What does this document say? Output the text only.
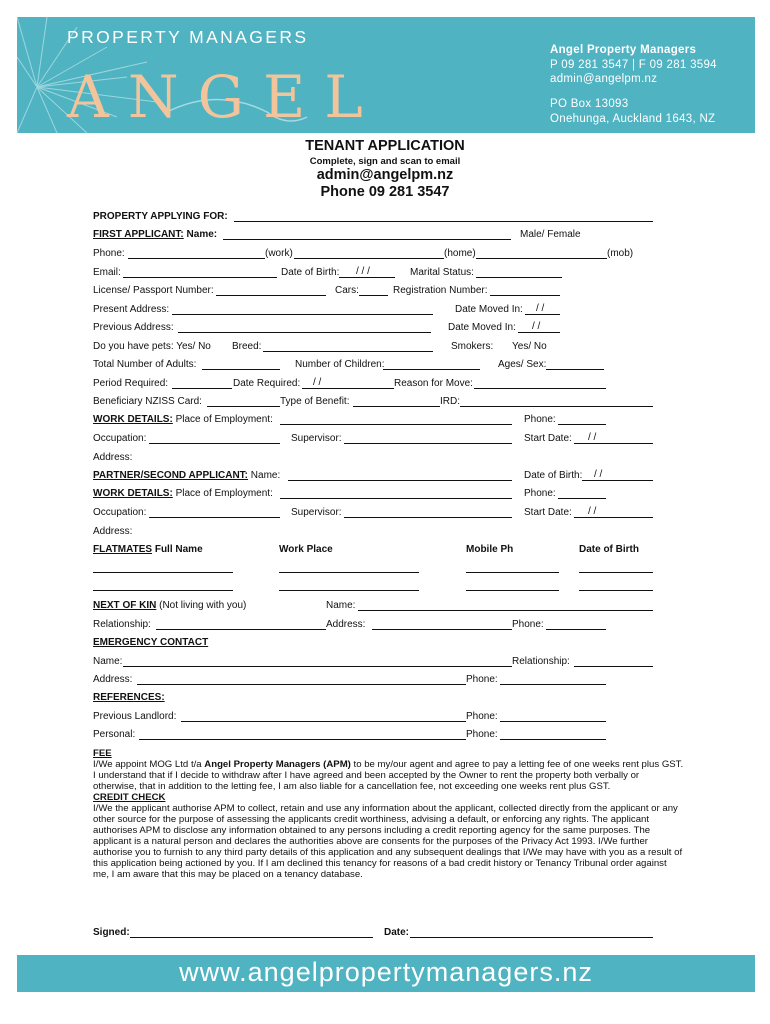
PROPERTY MANAGERS
ANGEL
Angel Property Managers
P 09 281 3547 | F 09 281 3594
admin@angelpm.nz
PO Box 13093
Onehunga, Auckland 1643, NZ
TENANT APPLICATION
Complete, sign and scan to email
admin@angelpm.nz
Phone 09 281 3547
PROPERTY APPLYING FOR:
FIRST APPLICANT: Name:	Male/ Female
Phone:	(work)	(home)	(mob)
Email:	Date of Birth: / / /	Marital Status:
License/ Passport Number:	Cars:	Registration Number:
Present Address:	Date Moved In: / /
Previous Address:	Date Moved In: / /
Do you have pets: Yes/ No Breed:	Smokers: Yes/ No
Total Number of Adults:	Number of Children:	Ages/ Sex:
Period Required:	Date Required: / /	Reason for Move:
Beneficiary NZISS Card:	Type of Benefit:	IRD:
WORK DETAILS: Place of Employment:	Phone:
Occupation:	Supervisor:	Start Date: / /
Address:
PARTNER/SECOND APPLICANT: Name:	Date of Birth: / /
WORK DETAILS: Place of Employment:	Phone:
Occupation:	Supervisor:	Start Date: / /
Address:
FLATMATES Full Name	Work Place	Mobile Ph	Date of Birth
NEXT OF KIN (Not living with you)	Name:
Relationship:	Address:	Phone:
EMERGENCY CONTACT
Name:	Relationship:
Address:	Phone:
REFERENCES:
Previous Landlord:	Phone:
Personal:	Phone:

FEE

I/We appoint MOG Ltd t/a Angel Property Managers (APM) to be my/our agent and agree to pay a letting fee of one weeks rent plus GST. I understand that if I decide to withdraw after I have agreed and been accepted by the Owner to rent the property both verbally or otherwise, that in addition to the letting fee, I am also liable for a cancellation fee, not exceeding one weeks rent plus GST.

CREDIT CHECK

I/We the applicant authorise APM to collect, retain and use any information about the applicant, collected directly from the applicant or any other source for the purpose of assessing the applicants credit worthiness, advising a default, or enforcing any rights. The applicant authorises APM to disclose any information obtained to any persons including a credit reporting agency for the same purposes. The applicant is a natural person and declares the authorities above are consents for the purposes of the Privacy Act 1993. I/We further authorise you to furnish to any third party details of this application and any subsequent dealings that I/We may have with you as a result of this application being actioned by you. If I am declined this tenancy for reasons of a bad credit history or Tenancy Tribunal order against me, I am aware that this may be placed on a tenancy database.

Signed:	Date:
www.angelpropertymanagers.nz
